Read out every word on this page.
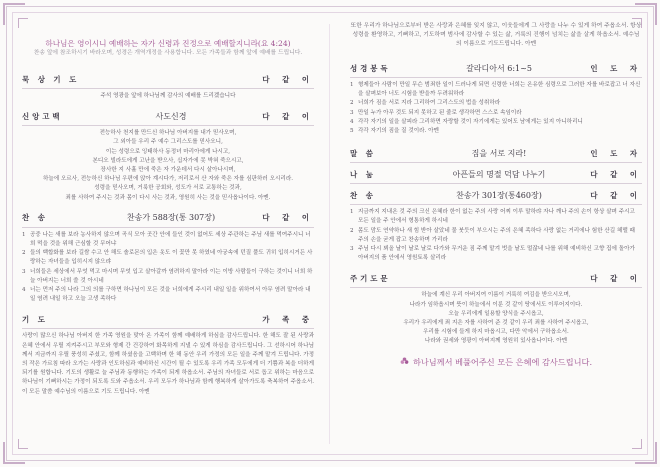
하나님은 영이시니 예배하는 자가 신령과 진정으로 예배할지니라(요 4:24)
찬송 앞에 참조하시기 바라오며, 성경은 개역개정을 사용합니다. 모든 가족들과 함께 앞에 예배를 드립니다.
묵 상 기 도	다 같 이
주석 영광을 앞에 하나님께 감사의 예배를 드리겠습니다
신앙고백	사도신경	다 같 이
전능하사 천지를 만드신 하나님 아버지를 내가 믿사오며,
그 외아들 우리 주 예수 그리스도를 믿사오니,
이는 성령으로 잉태하사 동정녀 마리아에게 나시고,
본디오 빌라도에게 고난을 받으사, 십자가에 못 박혀 죽으시고,
장사한 지 사흘 만에 죽은 자 가운데서 다시 살아나시며,
하늘에 오르사, 전능하신 하나님 우편에 앉아 계시다가, 저리로서 산 자와 죽은 자를 심판하러 오시리라.
성령을 믿사오며, 거룩한 공회와, 성도가 서로 교통하는 것과,
죄를 사하여 주시는 것과 몸이 다시 사는 것과, 영원히 사는 것을 믿사옵나이다. 아멘.
찬 송	찬송가 588장(통 307장)	다 같 이
1 공중 나는 새를 보라 농사하지 않으며 곡식 모아 곳간 안에 들인 것이 없어도 세상 주관하는 주님 새를 먹여주시니 너희 먹을 것을 위해 근심할 것 무어냐
2 들의 백합화를 보라 길쌈 수고 안 해도 솔로몬의 입은 옷도 이 꽃만 못 하였네 아궁속에 던질 풀도 귀히 입히시거든 사랑하는 자녀들을 입히시지 않으랴
3 너희들은 세상에서 무엇 먹고 마시며 무엇 입고 살아갈까 염려하지 말아라 이는 이방 사람들이 구하는 것이니 너희 하늘 아버지는 너희 쓸 것 아시네
4 너는 먼저 주의 나라 그의 의를 구하면 하나님이 모든 것을 너희에게 주시리 내일 일을 위하여서 아무 염려 말아라 내일 염려 내일 하고 오늘 고생 족하다
기 도	가 족 중
사랑이 많으신 하나님 아버지 한 가족 영원을 맞아 온 가족이 함께 예배하게 하심을 감사드립니다. 한 해도 잘 된 사랑과 은혜 안에서 우릴 지켜주시고 부모와 형제 간 건강하여 화목하게 지낼 수 있게 하심을 감사드립니다. 그 선하시어 하나님께서 지금까지 우릴 풍성히 주셨고, 함께 하셨음을 고백하며 한 해 동안 우리 가정의 모든 일을 주께 맡겨 드립니다. 가정의 작은 가르침 따라 오가는 사랑과 인도하심과 예비하신 시간이 될 수 있도록 우리 가족 모두에게 더 기쁨과 복을 더하게 되기를 원합니다. 기도의 생활로 늘 주님과 동행하는 가족이 되게 하옵소서. 주님의 자녀들로 서로 돕고 위하는 마음으로 하나님이 기뻐하시는 가정이 되도록 도와 주옵소서. 우리 모두가 하나님과 함께 행복하게 살아가도록 축복하여 주옵소서. 이 모든 말씀 예수님의 이름으로 기도 드립니다. 아멘
또한 우리가 하나님으로부터 받은 사랑과 은혜를 잊지 않고, 이웃들에게 그 사랑을 나누 수 있게 하여 주옵소서. 항상 성령을 환영하고, 기뻐하고, 기도하며 범사에 감사할 수 있는 삶, 거룩의 진행이 넘치는 삶을 살게 하옵소서. 예수님의 이름으로 기도드립니다. 아멘
성경봉독	갈라디아서 6:1~5	인 도 자
1 형제들아 사람이 만일 무슨 범죄한 일이 드러나게 되면 신령한 너희는 온유한 심령으로 그러한 자를 바로잡고 너 자신을 살펴보아 너도 시험을 받을까 두려워하라
2 너희가 짐을 서로 지라 그리하여 그리스도의 법을 성취하라
3 만일 누가 아무 것도 되지 못하고 된 줄로 생각하면 스스로 속임이라
4 각각 자기의 일을 살피라 그리하면 자랑할 것이 자기에게는 있어도 남에게는 있지 아니하리니
5 각각 자기의 짐을 질 것이라. 아멘
말 씀	짐을 서로 지라!	인 도 자
나 눔	아픈들의 명절 덕담 나누기	다 같 이
찬 송	찬송가 301장(통460장)	다 같 이
1 지금까지 지내온 것 주의 크신 은혜라 한이 없는 주의 사랑 어찌 이루 말하랴 자나 깨나 주의 손이 항상 살펴 주시고 모든 일을 주 안에서 형통하게 하시네
2 몸도 맘도 연약하나 새 힘 받아 살았네 물 붓듯이 부으시는 주의 은혜 족하다 사랑 없는 거리에나 험한 산길 헤맬 때 주의 손을 굳게 잡고 찬송하며 가리라
3 주님 다시 뵈올 날이 날로 날로 다가와 무거운 짐 주께 맡겨 벗을 날도 멀잖네 나를 위해 예비하신 고향 집에 돌아가 아버지의 품 안에서 영원토록 살리라
주기도문	다 같 이
하늘에 계신 우리 아버지여 이름이 거룩히 여김을 받으시오며,
나라가 임하옵시며 뜻이 하늘에서 이룬 것 같이 땅에서도 이루어지이다.
오늘 우리에게 일용할 양식을 주시옵고,
우리가 우리에게 죄 지은 자를 사하여 준 것 같이 우리 죄를 사하여 주시옵고,
우리를 시험에 들게 하지 마옵시고, 다만 악에서 구하옵소서.
나라와 권세와 영광이 아버지께 영원히 있사옵나이다. 아멘
하나님께서 베풀어주신 모든 은혜에 감사드립니다.
